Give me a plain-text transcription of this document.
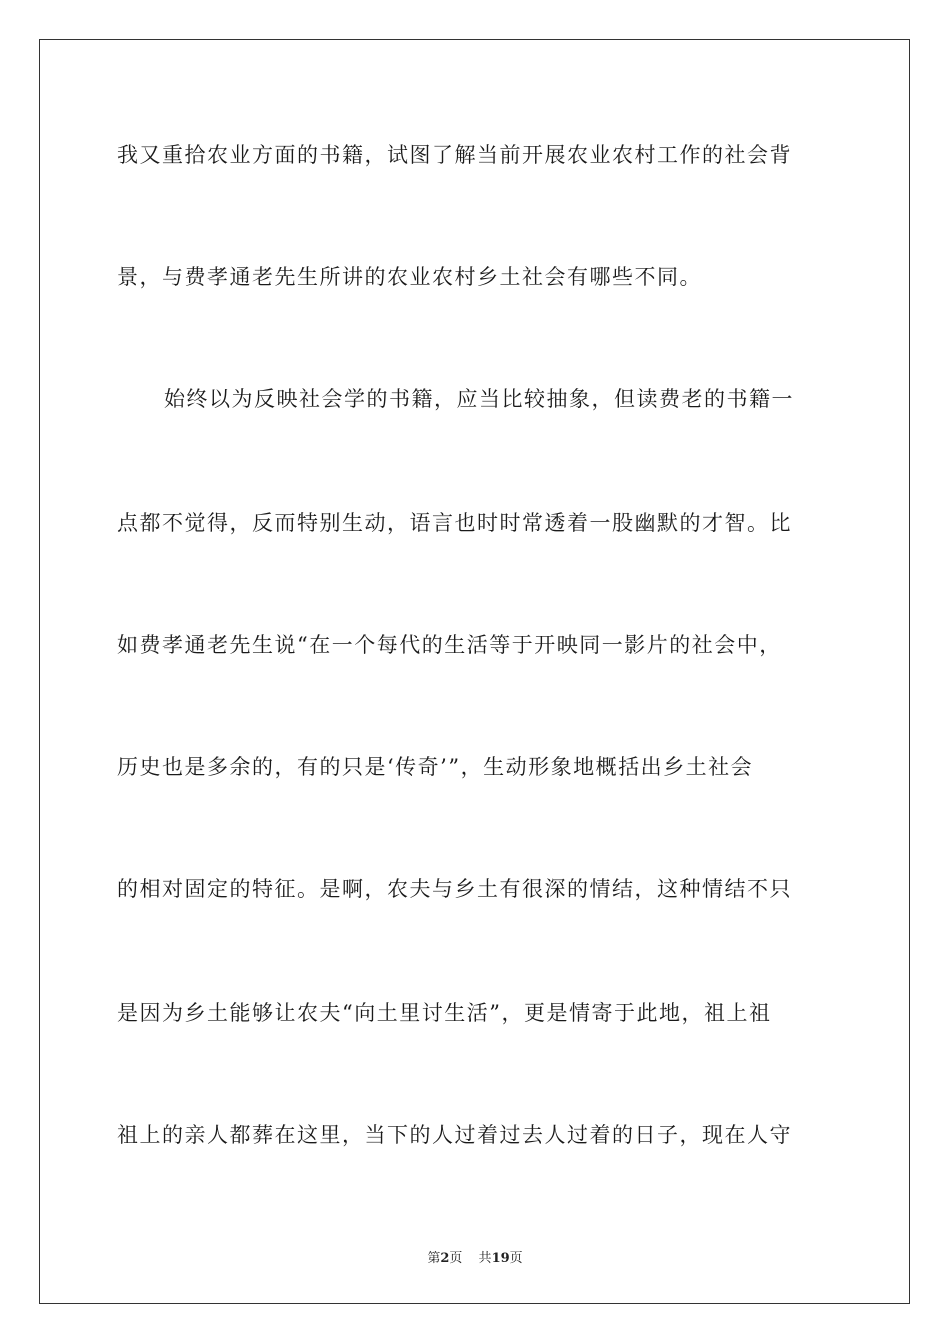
我又重拾农业方面的书籍，试图了解当前开展农业农村工作的社会背
景，与费孝通老先生所讲的农业农村乡土社会有哪些不同。
始终以为反映社会学的书籍，应当比较抽象，但读费老的书籍一
点都不觉得，反而特别生动，语言也时时常透着一股幽默的才智。比
如费孝通老先生说“在一个每代的生活等于开映同一影片的社会中，
历史也是多余的，有的只是‘传奇’”，生动形象地概括出乡土社会
的相对固定的特征。是啊，农夫与乡土有很深的情结，这种情结不只
是因为乡土能够让农夫“向土里讨生活”，更是情寄于此地，祖上祖
祖上的亲人都葬在这里，当下的人过着过去人过着的日子，现在人守
第2页 共19页
